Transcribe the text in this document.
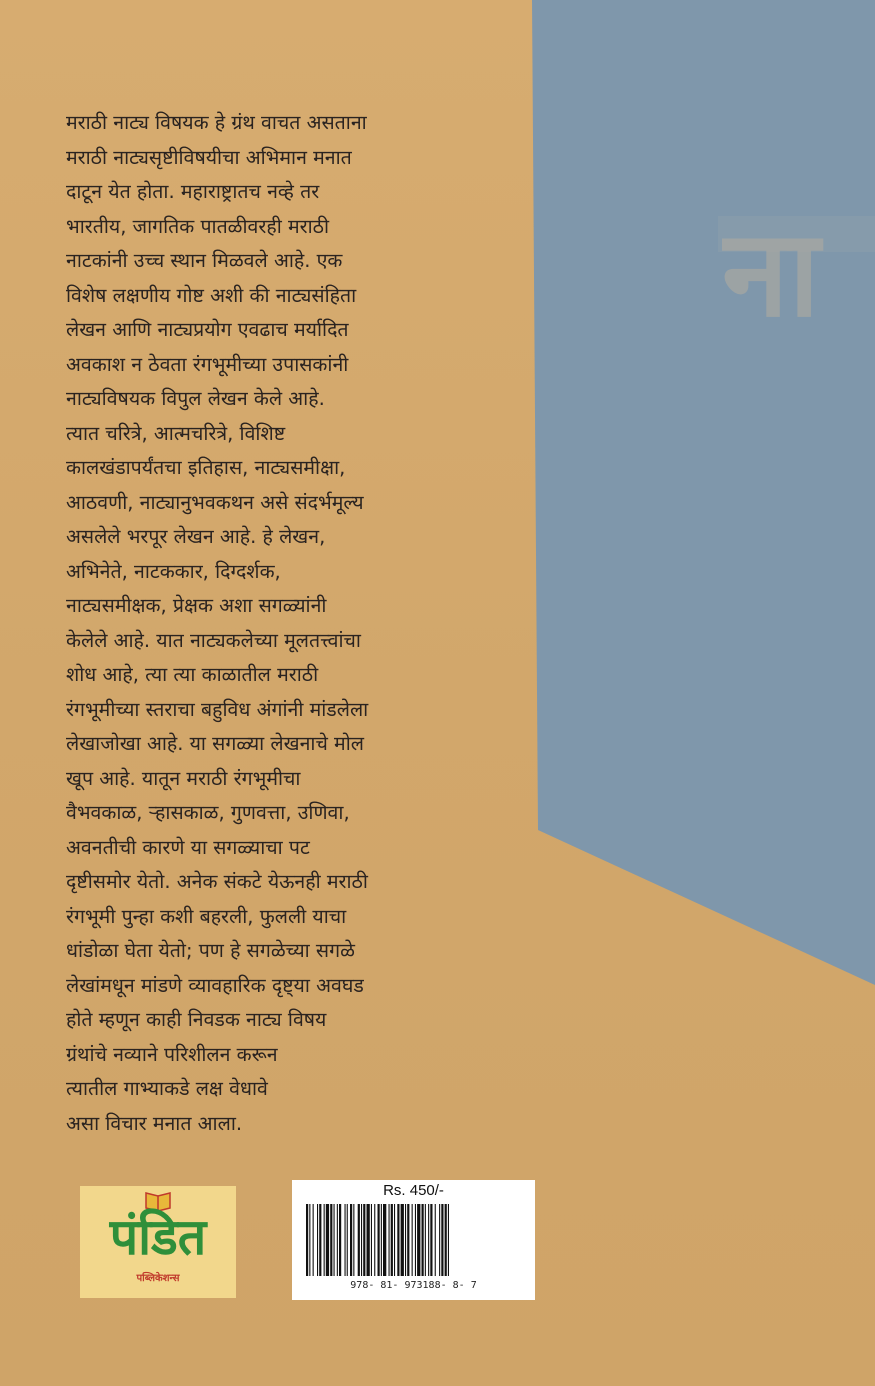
ना
मराठी नाट्य विषयक हे ग्रंथ वाचत असताना
मराठी नाट्यसृष्टीविषयीचा अभिमान मनात
दाटून येत होता. महाराष्ट्रातच नव्हे तर
भारतीय, जागतिक पातळीवरही मराठी
नाटकांनी उच्च स्थान मिळवले आहे. एक
विशेष लक्षणीय गोष्ट अशी की नाट्यसंहिता
लेखन आणि नाट्यप्रयोग एवढाच मर्यादित
अवकाश न ठेवता रंगभूमीच्या उपासकांनी
नाट्यविषयक विपुल लेखन केले आहे.
त्यात चरित्रे, आत्मचरित्रे, विशिष्ट
कालखंडापर्यंतचा इतिहास, नाट्यसमीक्षा,
आठवणी, नाट्यानुभवकथन असे संदर्भमूल्य
असलेले भरपूर लेखन आहे. हे लेखन,
अभिनेते, नाटककार, दिग्दर्शक,
नाट्यसमीक्षक, प्रेक्षक अशा सगळ्यांनी
केलेले आहे. यात नाट्यकलेच्या मूलतत्त्वांचा
शोध आहे, त्या त्या काळातील मराठी
रंगभूमीच्या स्तराचा बहुविध अंगांनी मांडलेला
लेखाजोखा आहे. या सगळ्या लेखनाचे मोल
खूप आहे. यातून मराठी रंगभूमीचा
वैभवकाळ, ऱ्हासकाळ, गुणवत्ता, उणिवा,
अवनतीची कारणे या सगळ्याचा पट
दृष्टीसमोर येतो. अनेक संकटे येऊनही मराठी
रंगभूमी पुन्हा कशी बहरली, फुलली याचा
धांडोळा घेता येतो; पण हे सगळेच्या सगळे
लेखांमधून मांडणे व्यावहारिक दृष्ट्या अवघड
होते म्हणून काही निवडक नाट्य विषय
ग्रंथांचे नव्याने परिशीलन करून
त्यातील गाभ्याकडे लक्ष वेधावे
असा विचार मनात आला.
पंडित
पब्लिकेशन्स
Rs. 450/-
978- 81- 973188- 8- 7
